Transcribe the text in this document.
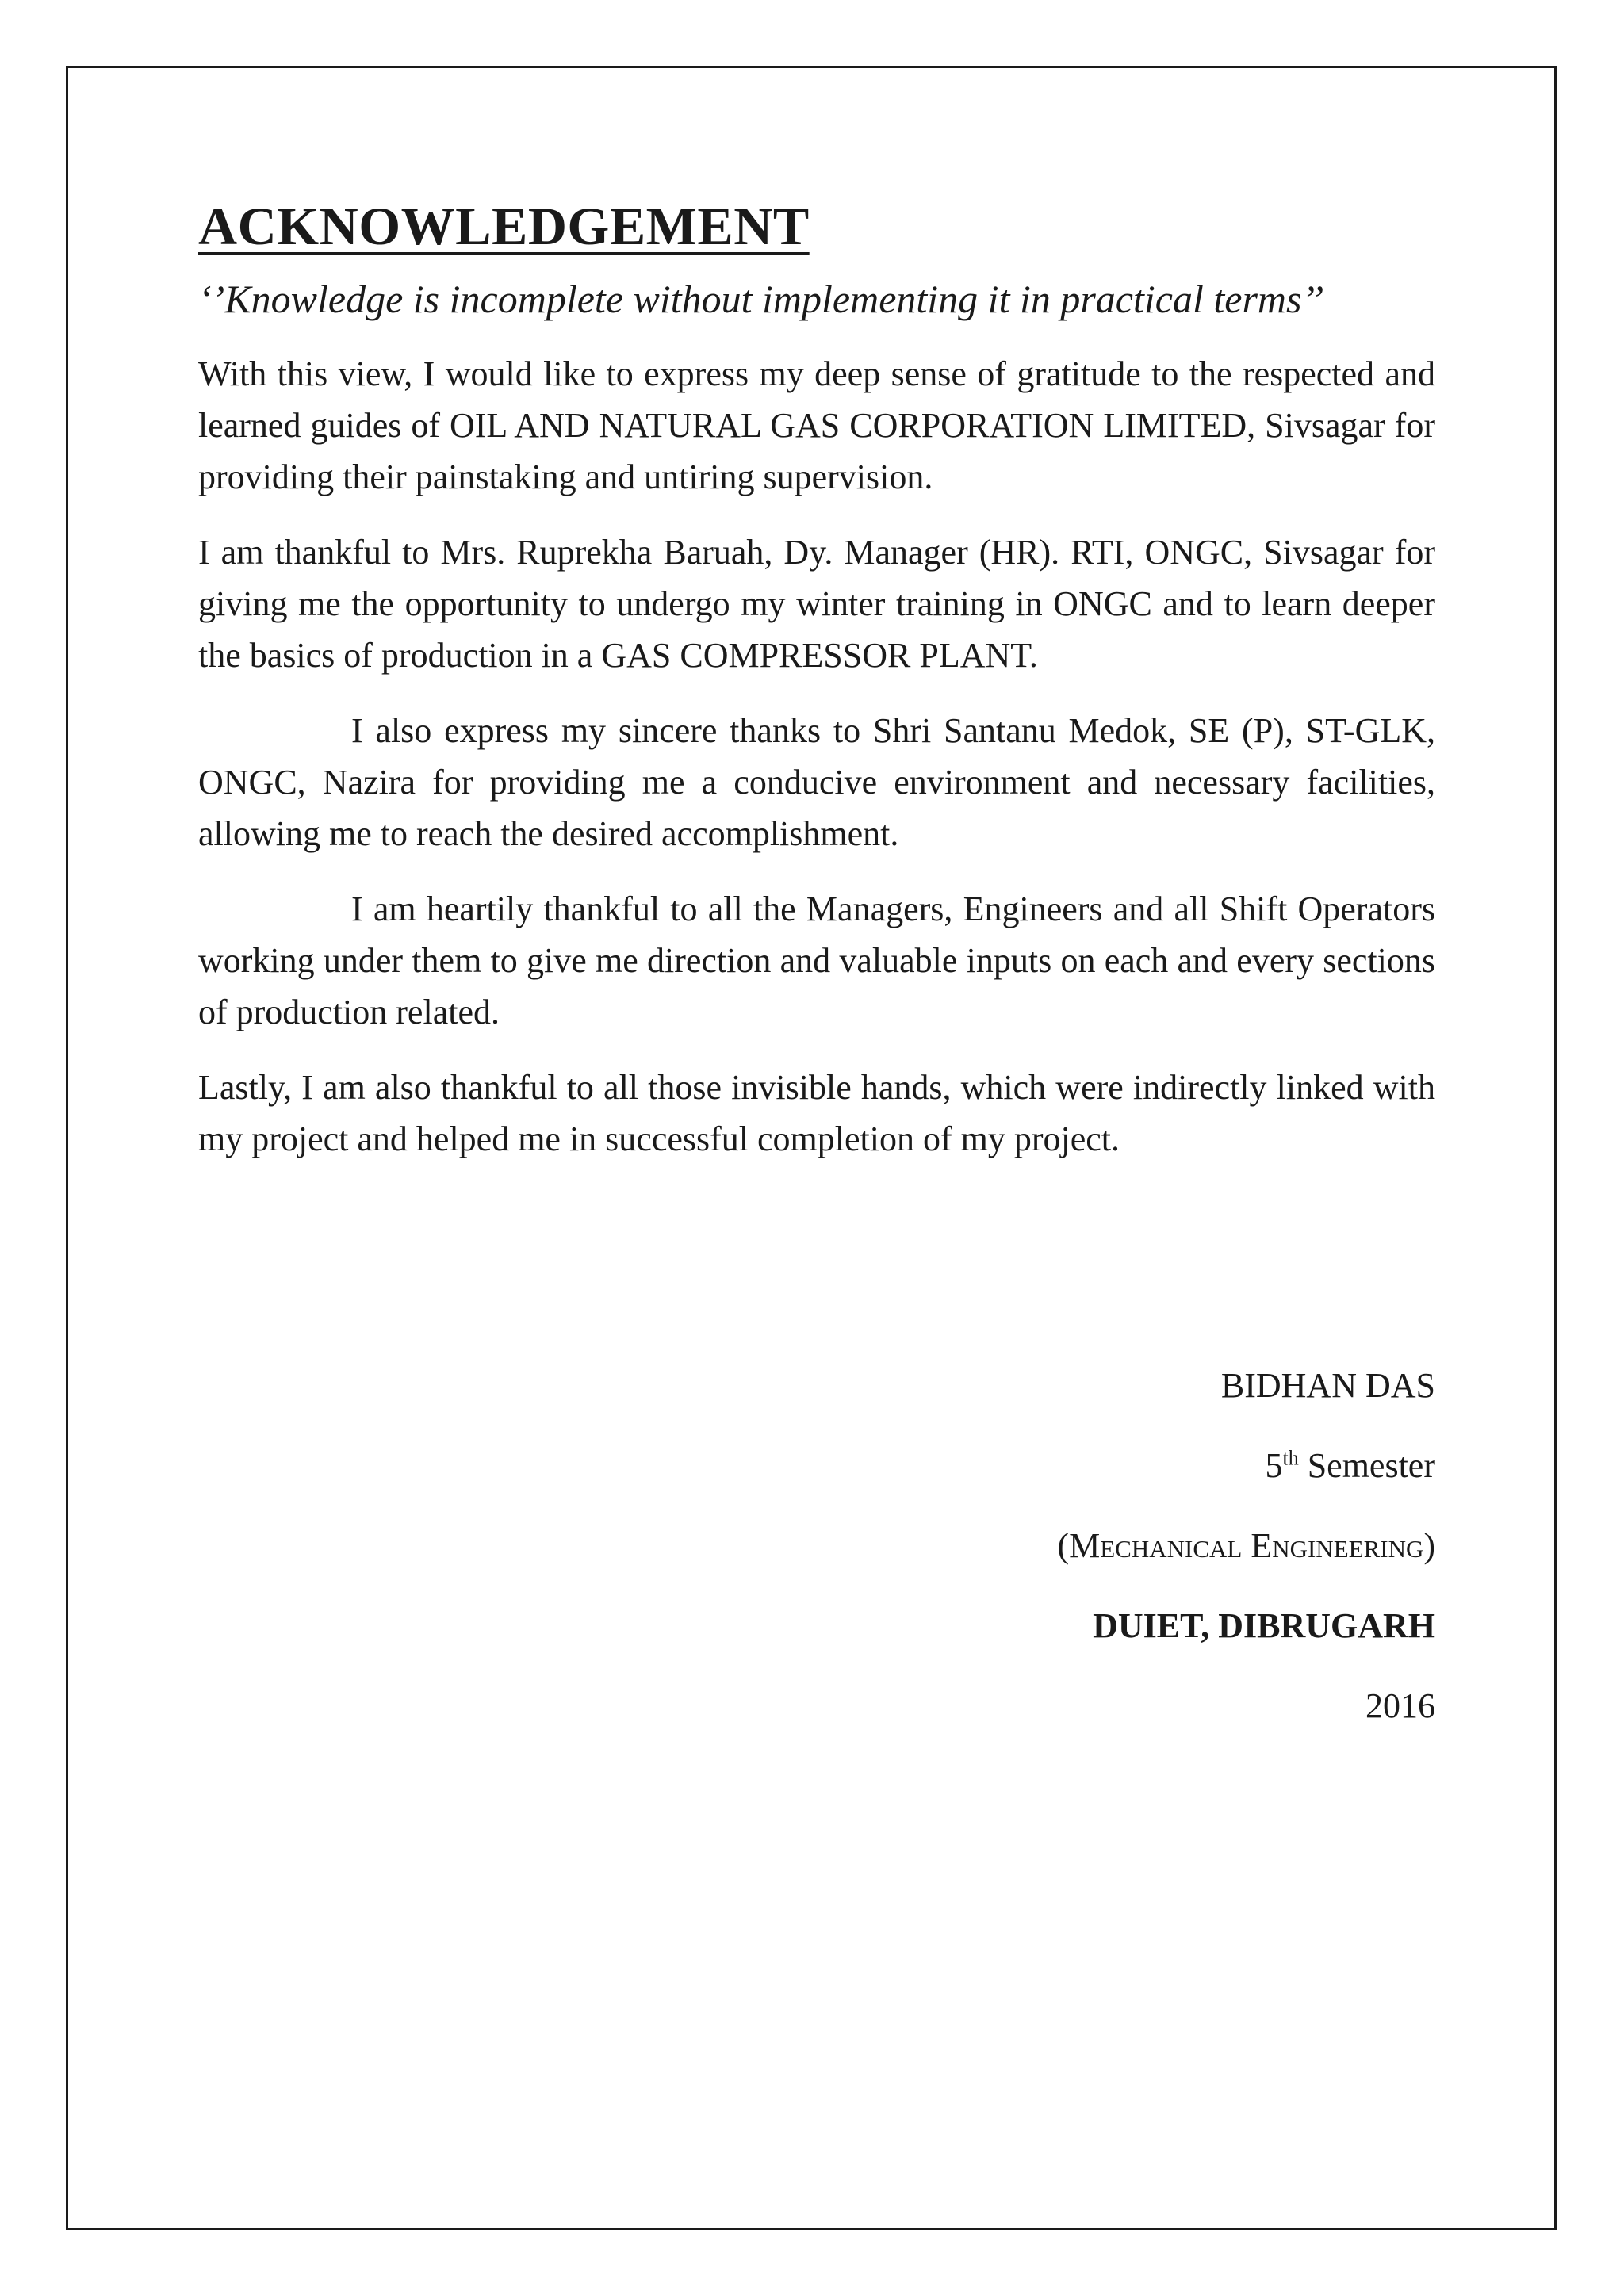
ACKNOWLEDGEMENT

‘’Knowledge is incomplete without implementing it in practical terms’’

With this view, I would like to express my deep sense of gratitude to the respected and learned guides of OIL AND NATURAL GAS CORPORATION LIMITED, Sivsagar for providing their painstaking and untiring supervision.

I am thankful to Mrs. Ruprekha Baruah, Dy. Manager (HR). RTI, ONGC, Sivsagar for giving me the opportunity to undergo my winter training in ONGC and to learn deeper the basics of production in a GAS COMPRESSOR PLANT.

I also express my sincere thanks to Shri Santanu Medok, SE (P), ST-GLK, ONGC, Nazira for providing me a conducive environment and necessary facilities, allowing me to reach the desired accomplishment.

I am heartily thankful to all the Managers, Engineers and all Shift Operators working under them to give me direction and valuable inputs on each and every sections of production related.

Lastly, I am also thankful to all those invisible hands, which were indirectly linked with my project and helped me in successful completion of my project.

BIDHAN DAS

5th Semester

(Mechanical Engineering)

DUIET, DIBRUGARH

2016
